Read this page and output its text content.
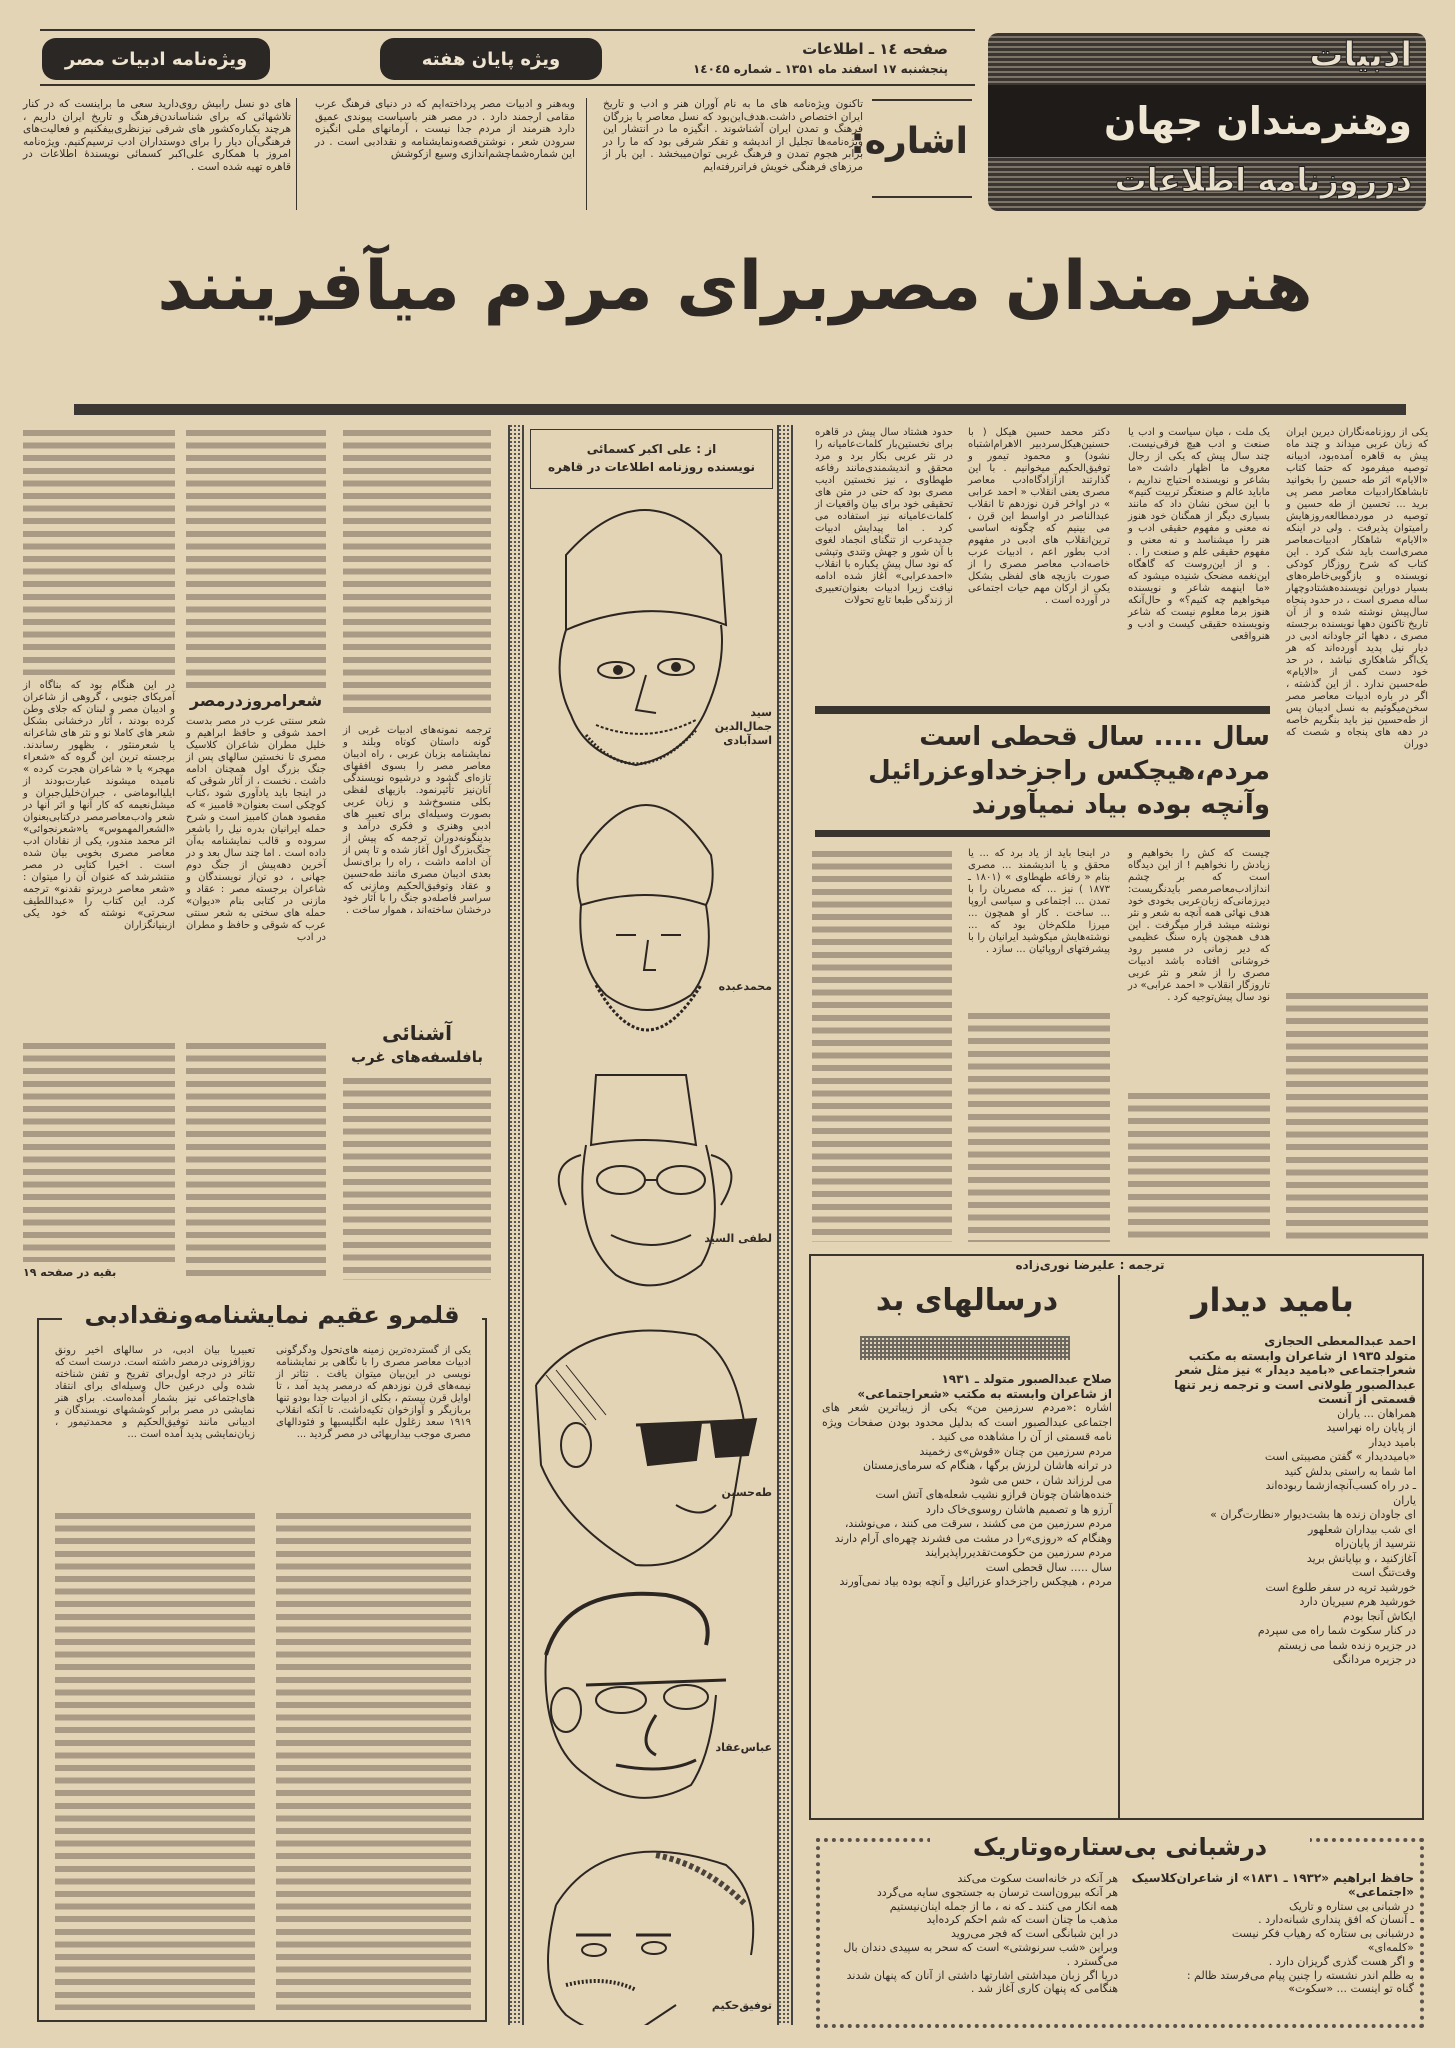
ویژه‌نامه ادبیات مصر	ویژه پایان هفته	صفحه ۱٤ ـ اطلاعات
پنجشنبه ۱۷ اسفند ماه ۱۳۵۱ ـ شماره ۱٤۰٤۵	ادبیات
وهنرمندان جهان
درروزنامه اطلاعات
اشاره:
تاکنون ویژه‌نامه های ما به نام آوران هنر و ادب و تاریخ ایران اختصاص داشت.هدف‌این‌بود که نسل معاصر با بزرگان فرهنگ و تمدن ایران آشنا‌شوند . انگیزه ما در انتشار این ویژه‌نامه‌ها تجلیل از اندیشه و تفکر شرقی بود که ما را در برابر هجوم تمدن و فرهنگ غربی توان‌میبخشد . این بار از مرزهای فرهنگی خویش فراتررفته‌ایم
وبه‌هنر و ادبیات مصر پرداخته‌ایم که در دنیای فرهنگ عرب مقامی ارجمند دارد . در مصر هنر باسیاست پیوندی عمیق دارد هنرمند از مردم جدا نیست ، آرمانهای ملی انگیزه سرودن شعر ، نوشتن‌قصه‌ونمایشنامه و نقدادبی است . در این شماره‌شماچشم‌اندازی وسیع ازکوشش
های دو نسل رابیش روی‌دارید سعی ما براینست که در کنار تلاشهائی که برای شناساندن‌فرهنگ و تاریخ ایران داریم ، هرچند یکباره‌کشور های شرقی نیزنظری‌بیفکنیم و فعالیت‌های فرهنگی‌آن دیار را برای دوستداران ادب ترسیم‌کنیم. ویژه‌نامه امروز با همکاری علی‌اکبر کسمائی نویسندهٔ اطلاعات در قاهره تهیه شده است .
هنرمندان مصربرای مردم میآفرینند
از : علی اکبر کسمائی
نویسنده روزنامه اطلاعات در قاهره
سید جمال‌الدین اسدآبادی
محمدعبده
لطفی السید
طه‌حسین
عباس‌عقاد
توفیق‌حکیم
یکی از روزنامه‌نگاران دیرین ایران که زبان عربی میداند و چند ماه پیش به قاهره آمده‌بود، ادیبانه توصیه میفرمود که حتما کتاب «الایام» اثر طه حسین را بخوانید تابشاهکارادبیات معاصر مصر پی برید ... تحسین از طه حسین و توصیه در موردمطالعه‌روزهایش رامیتوان پذیرفت . ولی در اینکه «الایام» شاهکار ادبیات‌معاصر مصری‌است باید شک کرد . این کتاب که شرح روزگار کودکی نویسنده و بازگویی‌خاطره‌های بسیار دوراین نویسنده‌هشتادوچهار ساله مصری است ، در حدود پنجاه سال‌پیش نوشته شده و از آن تاریخ تاکنون دهها نویسنده برجسته مصری ، دهها اثر جاودانه ادبی در دیار نیل پدید آورده‌اند که هر یک‌اگر شاهکاری نباشد ، در حد خود دست کمی از «الایام» طه‌حسین ندارد . از این گذشته ، اگر در باره ادبیات معاصر مصر سخن‌میگوئیم به نسل ادیبان پس از طه‌حسین نیز باید بنگریم خاصه در دهه های پنجاه و شصت که دوران
یک ملت ، میان سیاست و ادب یا صنعت و ادب هیچ فرقی‌نیست. چند سال پیش که یکی از رجال معروف ما اظهار داشت «ما بشاعر و نویسنده احتیاج نداریم ، ماباید عالم و صنعتگر تربیت کنیم» با این سخن نشان داد که مانند بسیاری دیگر از همگنان خود هنوز نه معنی و مفهوم حقیقی ادب و هنر را میشناسد و نه معنی و مفهوم حقیقی علم و صنعت را . . . و از این‌روست که گاهگاه این‌نغمه مضحک شنیده میشود که «ما اینهمه شاعر و نویسنده میخواهیم چه کنیم؟» و حال‌آنکه هنوز برما معلوم نیست که شاعر ونویسنده حقیقی کیست و ادب و هنرواقعی
دکتر محمد حسین هیکل ( با حسنین‌هیکل‌سردبیر الاهرام‌اشتباه نشود) و محمود تیمور و توفیق‌الحکیم میخوانیم . با این گذارتند ازآزادگاه‌ادب معاصر مصری یعنی انقلاب « احمد عرابی » در اواخر قرن نوزدهم تا انقلاب عبدالناصر در اواسط این قرن ، می بینیم که چگونه اساسی ترین‌انقلاب های ادبی در مفهوم ادب بطور اعم ، ادبیات عرب خاصه‌ادب معاصر مصری را از صورت بازیچه های لفظی بشکل یکی از ارکان مهم حیات اجتماعی در آورده است .
حدود هشتاد سال پیش در قاهره برای نخستین‌بار کلمات‌عامیانه را در نثر عربی بکار برد و مرد محقق و اندیشمندی‌مانند رفاعه طهطاوی ، نیز نخستین ادیب مصری بود که حتی در متن های تحقیقی خود برای بیان واقعیات از کلمات‌عامیانه نیز استفاده می کرد . اما پیدایش ادبیات جدیدعرب از تنگنای انجماد لغوی با آن شور و جهش وتندی وتپشی که نود سال پیش یکباره با انقلاب «احمدعرابی» آغاز شده ادامه نیافت زیرا ادبیات بعنوان‌تعبیری از زندگی طبعا تابع تحولات
سال ..... سال قحطی است
مردم،هیچکس راجزخداوعزرائیل
وآنچه بوده بیاد نمیآورند
چیست که کش را بخواهیم و زیادش را نخواهیم ! از این دیدگاه است که بر چشم اندازادب‌معاصرمصر بایدنگریست: دیرزمانی‌که زبان‌عربی بخودی خود هدف نهائی همه آنچه به شعر و نثر نوشته میشد قرار میگرفت . این هدف همچون پاره سنگ عظیمی که دیر زمانی در مسیر رود خروشانی افتاده باشد ادبیات مصری را از شعر و نثر عربی تاروزگار انقلاب « احمد عرابی» در نود سال پیش‌توجیه کرد .
در اینجا باید از یاد برد که ... یا محقق و یا اندیشمند ... مصری بنام « رفاعه طهطاوی » (۱۸۰۱ ـ ۱۸۷۳ ) نیز ... که مصریان را با تمدن ... اجتماعی و سیاسی اروپا ... ساخت . کار او همچون ... میرزا ملکم‌خان بود که ... نوشته‌هایش میکوشید ایرانیان را با پیشرفتهای اروپائیان ... سازد .
ترجمه نمونه‌های ادبیات غربی از گونه داستان کوتاه وبلند و نمایشنامه بزبان عربی ، راه ادیبان معاصر مصر را بسوی افقهای تازه‌ای گشود و درشیوه نویسندگی آنان‌نیز تأثیرنمود. بازیهای لفظی بکلی منسوخ‌شد و زبان عربی بصورت وسیله‌ای برای تعبیر های ادبی وهنری و فکری درآمد و بدینگونه‌دوران ترجمه که پیش از جنگ‌بزرگ اول آغاز شده و تا پس از آن ادامه داشت ، راه را برای‌نسل بعدی ادیبان مصری مانند طه‌حسین و عقاد وتوفیق‌الحکیم ومازنی که سراسر فاصله‌دو جنگ را با آثار خود درخشان ساخته‌اند ، هموار ساخت .
آشنائی
بافلسفه‌های غرب
شعرامروزدرمصر
شعر سنتی عرب در مصر بدست احمد شوقی و حافظ ابراهیم و خلیل مطران شاعران کلاسیک مصری تا نخستین سالهای پس از جنگ بزرگ اول همچنان ادامه داشت . نخست ، از آثار شوقی که در اینجا باید یادآوری شود ،کتاب کوچکی است بعنوان« قامبیز » که مقصود همان کامبیز است و شرح حمله ایرانیان بدره نیل را باشعر سروده و قالب نمایشنامه به‌آن داده است . اما چند سال بعد و در آخرین دهه‌پیش از جنگ دوم جهانی ، دو تن‌از نویسندگان و شاعران برجسته مصر : عقاد و مازنی در کتابی بنام «دیوان» حمله های سختی به شعر سنتی عرب که شوقی و حافظ و مطران در ادب
در این هنگام بود که بناگاه از آمریکای جنوبی ، گروهی از شاعران و ادیبان مصر و لبنان که جلای وطن کرده بودند ، آثار درخشانی بشکل شعر های کاملا نو و نثر های شاعرانه یا شعرمنثور ، بظهور رساندند. برجسته ترین این گروه که «شعراء مهجر» یا « شاعران هجرت کرده » نامیده میشوند عبارت‌بودند از ایلیاابوماضی ، جبران‌خلیل‌جبران و میشل‌نعیمه که کار آنها و اثر آنها در شعر وادب‌معاصرمصر درکتابی‌بعنوان «الشعرالمهموس» یا«شعرنجوائی» اثر محمد مندور، یکی از نقادان ادب معاصر مصری بخوبی بیان شده است . اخیرا کتابی در مصر منتشرشد که عنوان آن را میتوان : «شعر معاصر دربرتو نقدنو» ترجمه کرد. این کتاب را «عبداللطیف سحرتی» نوشته که خود یکی ازبنیانگزاران
بقیه در صفحه ۱۹
قلمرو عقیم نمایشنامه‌ونقدادبی
یکی از گسترده‌ترین زمینه های‌تحول ودگرگونی ادبیات معاصر مصری را با نگاهی بر نمایشنامه نویسی در این‌بیان میتوان یافت . تئاتر از نیمه‌های قرن نوزدهم که درمصر پدید آمد ، تا اوایل قرن بیستم ، بکلی از ادبیات جدا بودو تنها بربازیگر و آوازخوان تکیه‌داشت. تا آنکه انقلاب ۱۹۱۹ سعد زغلول علیه انگلیسیها و فئودالهای مصری موجب بیداریهائی در مصر گردید ...
تعبیریا بیان ادبی، در سالهای اخیر رونق روزافزونی درمصر داشته است. درست است که تئاتر در درجه اول‌برای تفریح و تفنن شناخته شده ولی درعین حال وسیله‌ای برای انتقاد های‌اجتماعی نیز بشمار آمده‌است. برای هنر نمایشی در مصر برابر کوششهای نویسندگان و ادیبانی مانند توفیق‌الحکیم و محمدتیمور ، زبان‌نمایشی پدید آمده است ...
ترجمه : علیرضا نوری‌زاده
بامید دیدار
احمد عبدالمعطی الحجازی
متولد ۱۹۳۵ از شاعران وابسته به مکتب شعراجتماعی «بامید دیدار » نیز مثل شعر عبدالصبور طولانی است و ترجمه زیر تنها قسمتی از آنست
همراهان ... یاران
از پایان راه نهراسید
بامید دیدار
«بامیددیدار » گفتن مصیبتی است
اما شما به راستی بدلش کنید
ـ در راه کسب‌آنچه‌ازشما ربوده‌اند
یاران
ای جاودان زنده ها بشت‌دیوار «نظارت‌گران »
ای شب بیداران شعلهور
نترسید از پایان‌راه
آغازکنید ، و بپایانش برید
وقت‌تنگ است
خورشید ترپه در سفر طلوع است
خورشید هرم سیریان دارد
ایکاش آنجا بودم
در کنار سکوت شما راه می سپردم
در جزیره زنده شما می زیستم
در جزیره مردانگی
درسالهای بد
صلاح عبدالصبور متولد ـ ۱۹۳۱
از شاعران وابسته به مکتب «شعراجتماعی»
اشاره :«مردم سرزمین من» یکی از زیباترین شعر های اجتماعی عبدالصبور است که بدلیل محدود بودن صفحات ویژه نامه قسمتی از آن را مشاهده می کنید .
مردم سرزمین من چنان «قوش»ی زخمیند
در ترانه هاشان لرزش برگها ، هنگام که سرمای‌زمستان
می لرزاند شان ، حس می شود
خنده‌هاشان چونان فرازو نشیب شعله‌های آتش است
آرزو ها و تصمیم هاشان روسوی‌خاک دارد
مردم سرزمین من می کشند ، سرقت می کنند ، می‌نوشند،
وهنگام که «روزی»را در مشت می فشرند چهره‌ای آرام دارند
مردم سرزمین من حکومت‌تقدیرراپذیرایند
سال ..... سال قحطی است
مردم ، هیچکس راجزخداو عزرائیل و آنچه بوده بیاد نمی‌آورند
درشبانی بی‌ستاره‌وتاریک
حافظ ابراهیم «۱۹۳۲ ـ ۱۸۳۱» از شاعران‌کلاسیک «اجتماعی»
در شبانی بی ستاره و تاریک
ـ آنسان که افق پنداری شبانه‌دارد .
درشبانی بی ستاره که رهیاب فکر نیست
«کلمه‌ای»
و اگر هست گذری گریزان دارد .
به ظلم اندر نشسته را چنین پیام می‌فرستد ظالم :
گناه تو اینست ... «سکوت»
هر آنکه در خانه‌است سکوت می‌کند
هر آنکه بیرون‌است ترسان به جستجوی سایه می‌گردد
همه انکار می کنند ـ که نه ، ما از جمله اینان‌نیستیم
مذهب ما چنان است که شم احکم کرده‌اید
در این شبانگی است که فجر می‌روید
وبراین «شب سرنوشتی» است که سحر به سپیدی دندان بال می‌گسترد .
دریا اگر زبان میداشتی اشارتها داشتی از آنان که پنهان شدند هنگامی که پنهان کاری آغاز شد .
